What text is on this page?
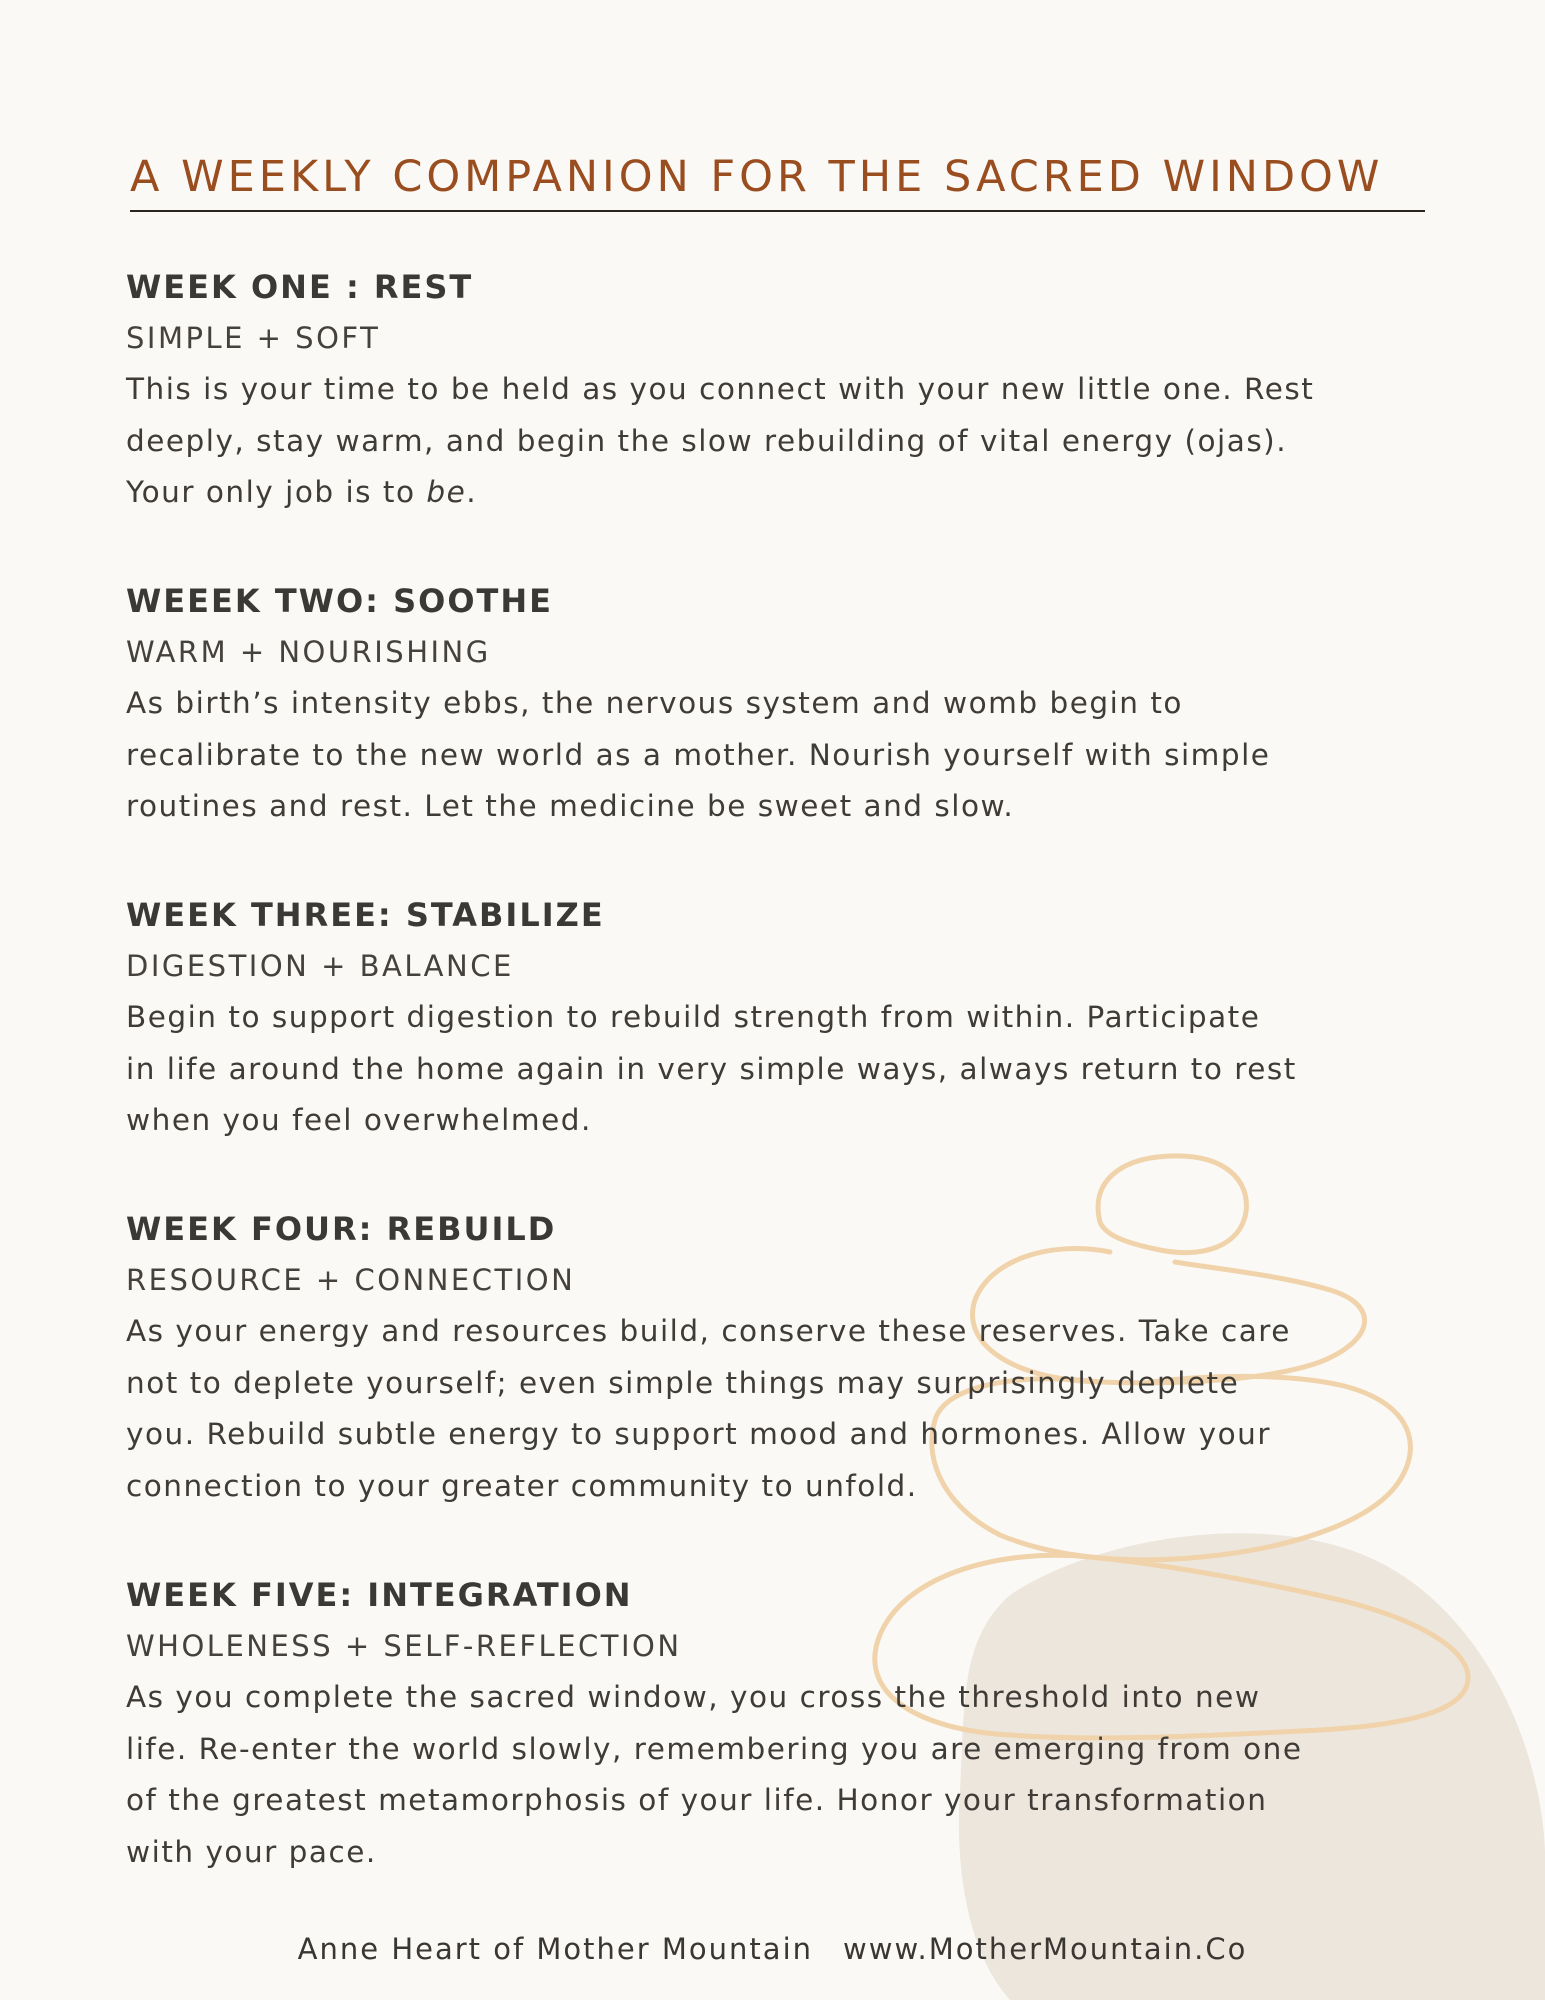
A WEEKLY COMPANION FOR THE SACRED WINDOW
WEEK ONE : REST

SIMPLE + SOFT

This is your time to be held as you connect with your new little one. Rest
deeply, stay warm, and begin the slow rebuilding of vital energy (ojas).
Your only job is to be.

WEEEK TWO: SOOTHE

WARM + NOURISHING

As birth’s intensity ebbs, the nervous system and womb begin to
recalibrate to the new world as a mother. Nourish yourself with simple
routines and rest. Let the medicine be sweet and slow.

WEEK THREE: STABILIZE

DIGESTION + BALANCE

Begin to support digestion to rebuild strength from within. Participate
in life around the home again in very simple ways, always return to rest
when you feel overwhelmed.

WEEK FOUR: REBUILD

RESOURCE + CONNECTION

As your energy and resources build, conserve these reserves. Take care
not to deplete yourself; even simple things may surprisingly deplete
you. Rebuild subtle energy to support mood and hormones. Allow your
connection to your greater community to unfold.

WEEK FIVE: INTEGRATION

WHOLENESS + SELF-REFLECTION

As you complete the sacred window, you cross the threshold into new
life. Re-enter the world slowly, remembering you are emerging from one
of the greatest metamorphosis of your life. Honor your transformation
with your pace.

Anne Heart of Mother Mountain www.MotherMountain.Co
